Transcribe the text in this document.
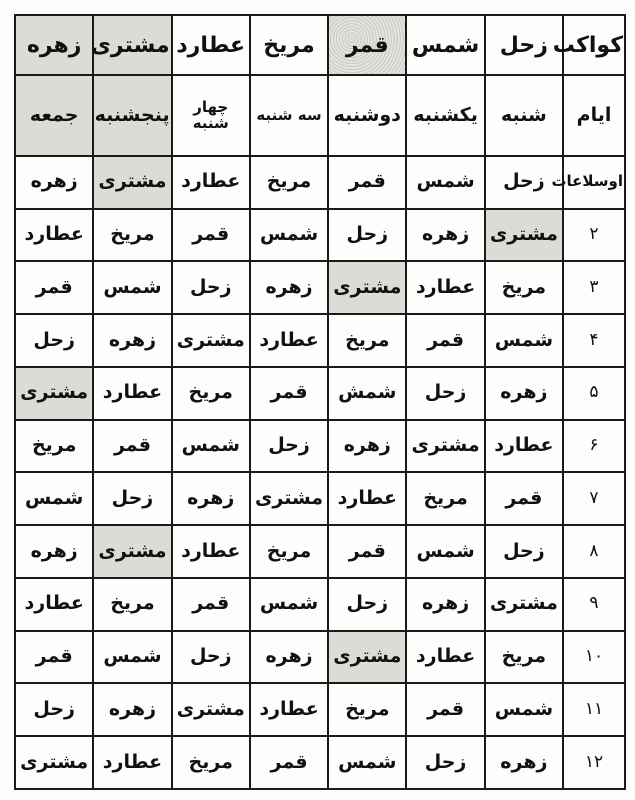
کواکب	زحل	شمس	قمر	مریخ	عطارد	مشتری	زهره
ایام	شنبه	یکشنبه	دوشنبه	سه شنبه	چهار شنبه	پنجشنبه	جمعه
اوسلاعات	زحل	شمس	قمر	مریخ	عطارد	مشتری	زهره
۲	مشتری	زهره	زحل	شمس	قمر	مریخ	عطارد
۳	مریخ	عطارد	مشتری	زهره	زحل	شمس	قمر
۴	شمس	قمر	مریخ	عطارد	مشتری	زهره	زحل
۵	زهره	زحل	شمش	قمر	مریخ	عطارد	مشتری
۶	عطارد	مشتری	زهره	زحل	شمس	قمر	مریخ
۷	قمر	مریخ	عطارد	مشتری	زهره	زحل	شمس
۸	زحل	شمس	قمر	مریخ	عطارد	مشتری	زهره
۹	مشتری	زهره	زحل	شمس	قمر	مریخ	عطارد
۱۰	مریخ	عطارد	مشتری	زهره	زحل	شمس	قمر
۱۱	شمس	قمر	مریخ	عطارد	مشتری	زهره	زحل
۱۲	زهره	زحل	شمس	قمر	مریخ	عطارد	مشتری
